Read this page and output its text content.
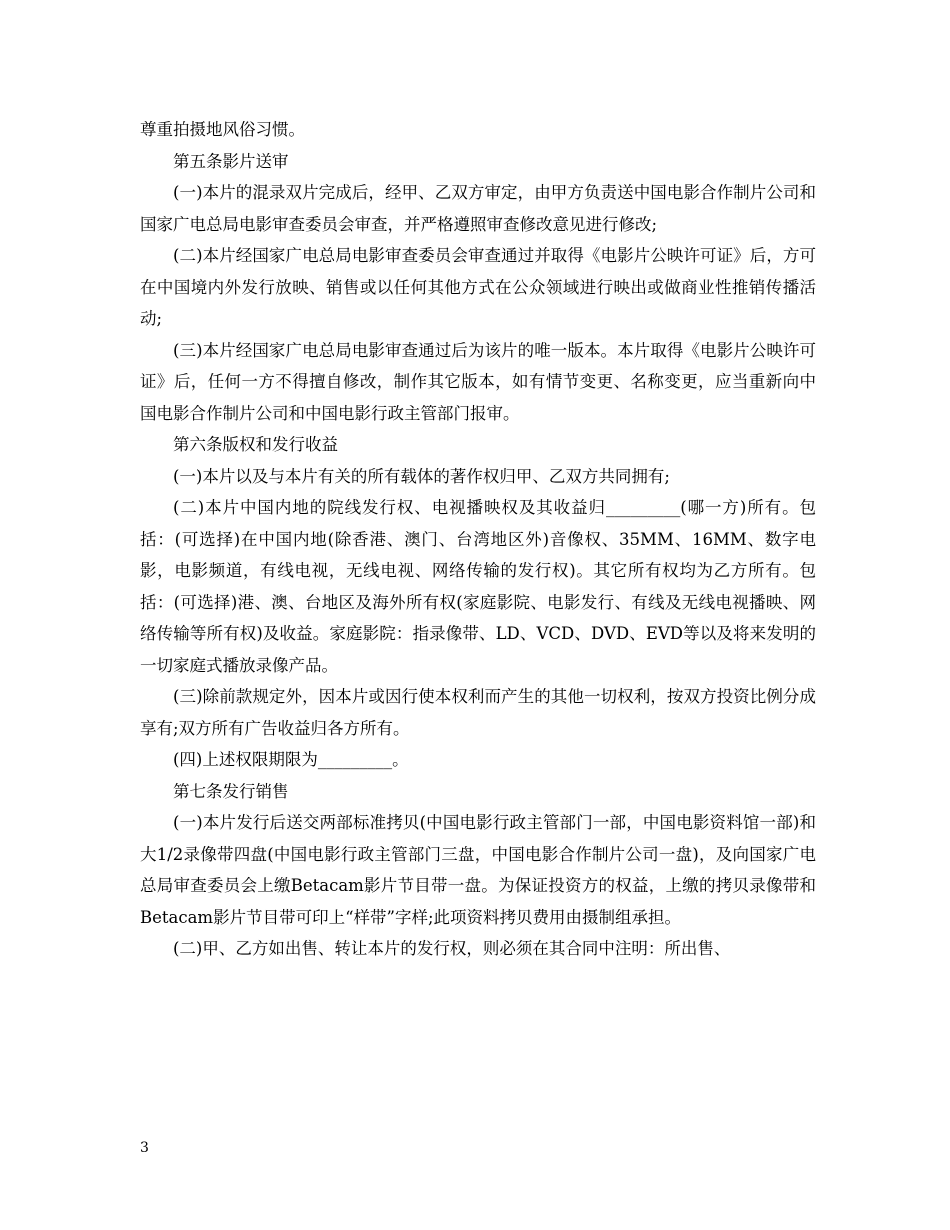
尊重拍摄地风俗习惯。

第五条影片送审

(一)本片的混录双片完成后，经甲、乙双方审定，由甲方负责送中国电影合作制片公司和国家广电总局电影审查委员会审查，并严格遵照审查修改意见进行修改;

(二)本片经国家广电总局电影审查委员会审查通过并取得《电影片公映许可证》后，方可在中国境内外发行放映、销售或以任何其他方式在公众领域进行映出或做商业性推销传播活动;

(三)本片经国家广电总局电影审查通过后为该片的唯一版本。本片取得《电影片公映许可证》后，任何一方不得擅自修改，制作其它版本，如有情节变更、名称变更，应当重新向中国电影合作制片公司和中国电影行政主管部门报审。

第六条版权和发行收益

(一)本片以及与本片有关的所有载体的著作权归甲、乙双方共同拥有;

(二)本片中国内地的院线发行权、电视播映权及其收益归_________(哪一方)所有。包括：(可选择)在中国内地(除香港、澳门、台湾地区外)音像权、35MM、16MM、数字电影，电影频道，有线电视，无线电视、网络传输的发行权)。其它所有权均为乙方所有。包括：(可选择)港、澳、台地区及海外所有权(家庭影院、电影发行、有线及无线电视播映、网络传输等所有权)及收益。家庭影院：指录像带、LD、VCD、DVD、EVD等以及将来发明的一切家庭式播放录像产品。

(三)除前款规定外，因本片或因行使本权利而产生的其他一切权利，按双方投资比例分成享有;双方所有广告收益归各方所有。

(四)上述权限期限为_________。

第七条发行销售

(一)本片发行后送交两部标准拷贝(中国电影行政主管部门一部，中国电影资料馆一部)和大1/2录像带四盘(中国电影行政主管部门三盘，中国电影合作制片公司一盘)，及向国家广电总局审查委员会上缴Betacam影片节目带一盘。为保证投资方的权益，上缴的拷贝录像带和Betacam影片节目带可印上“样带”字样;此项资料拷贝费用由摄制组承担。

(二)甲、乙方如出售、转让本片的发行权，则必须在其合同中注明：所出售、

3
